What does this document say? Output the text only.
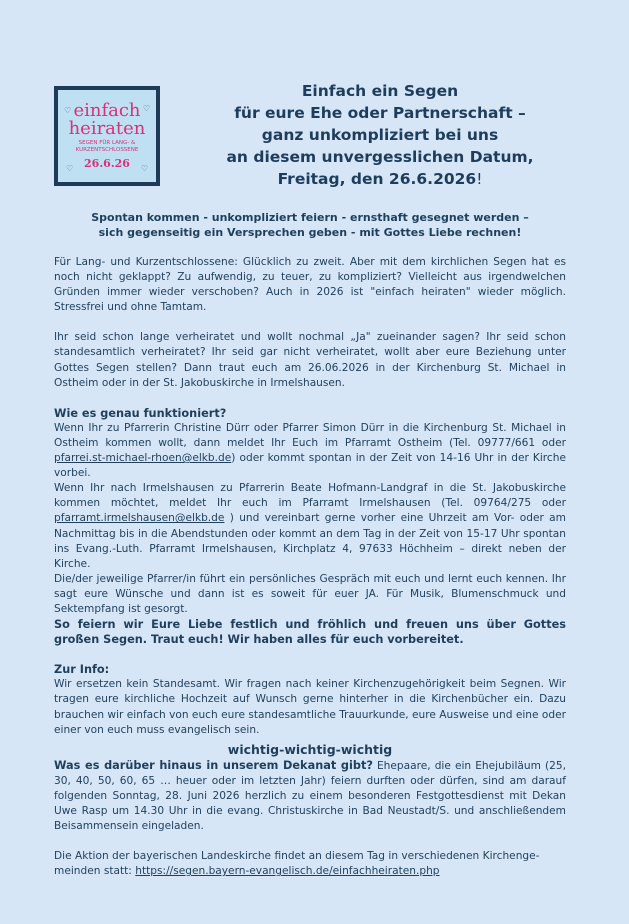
♡	♡
♡	♡
einfach
heiraten
SEGEN FÜR LANG- &
KURZENTSCHLOSSENE
26.6.26
Einfach ein Segen
für eure Ehe oder Partnerschaft –
ganz unkompliziert bei uns
an diesem unvergesslichen Datum,
Freitag, den 26.6.2026!
Spontan kommen - unkompliziert feiern - ernsthaft gesegnet werden –
sich gegenseitig ein Versprechen geben - mit Gottes Liebe rechnen!

Für Lang- und Kurzentschlossene: Glücklich zu zweit. Aber mit dem kirchlichen Segen hat es noch nicht geklappt? Zu aufwendig, zu teuer, zu kompliziert? Vielleicht aus irgendwelchen Gründen immer wieder verschoben? Auch in 2026 ist "einfach heiraten" wieder möglich. Stressfrei und ohne Tamtam.

Ihr seid schon lange verheiratet und wollt nochmal „Ja" zueinander sagen? Ihr seid schon standesamtlich verheiratet? Ihr seid gar nicht verheiratet, wollt aber eure Beziehung unter Gottes Segen stellen? Dann traut euch am 26.06.2026 in der Kirchenburg St. Michael in Ostheim oder in der St. Jakobuskirche in Irmelshausen.

Wie es genau funktioniert?

Wenn Ihr zu Pfarrerin Christine Dürr oder Pfarrer Simon Dürr in die Kirchenburg St. Michael in Ostheim kommen wollt, dann meldet Ihr Euch im Pfarramt Ostheim (Tel. 09777/661 oder pfarrei.st-michael-rhoen@elkb.de) oder kommt spontan in der Zeit von 14-16 Uhr in der Kirche vorbei.

Wenn Ihr nach Irmelshausen zu Pfarrerin Beate Hofmann-Landgraf in die St. Jakobuskirche kommen möchtet, meldet Ihr euch im Pfarramt Irmelshausen (Tel. 09764/275 oder pfarramt.irmelshausen@elkb.de ) und vereinbart gerne vorher eine Uhrzeit am Vor- oder am Nachmittag bis in die Abendstunden oder kommt an dem Tag in der Zeit von 15-17 Uhr spontan ins Evang.-Luth. Pfarramt Irmelshausen, Kirchplatz 4, 97633 Höchheim – direkt neben der Kirche.

Die/der jeweilige Pfarrer/in führt ein persönliches Gespräch mit euch und lernt euch kennen. Ihr sagt eure Wünsche und dann ist es soweit für euer JA. Für Musik, Blumenschmuck und Sektempfang ist gesorgt.

So feiern wir Eure Liebe festlich und fröhlich und freuen uns über Gottes großen Segen. Traut euch! Wir haben alles für euch vorbereitet.

Zur Info:

Wir ersetzen kein Standesamt. Wir fragen nach keiner Kirchenzugehörigkeit beim Segnen. Wir tragen eure kirchliche Hochzeit auf Wunsch gerne hinterher in die Kirchenbücher ein. Dazu brauchen wir einfach von euch eure standesamtliche Trauurkunde, eure Ausweise und eine oder einer von euch muss evangelisch sein.

wichtig-wichtig-wichtig

Was es darüber hinaus in unserem Dekanat gibt? Ehepaare, die ein Ehejubiläum (25, 30, 40, 50, 60, 65 … heuer oder im letzten Jahr) feiern durften oder dürfen, sind am darauf folgenden Sonntag, 28. Juni 2026 herzlich zu einem besonderen Festgottesdienst mit Dekan Uwe Rasp um 14.30 Uhr in die evang. Christuskirche in Bad Neustadt/S. und anschließendem Beisammensein eingeladen.

Die Aktion der bayerischen Landeskirche findet an diesem Tag in verschiedenen Kirchenge-meinden statt: https://segen.bayern-evangelisch.de/einfachheiraten.php
